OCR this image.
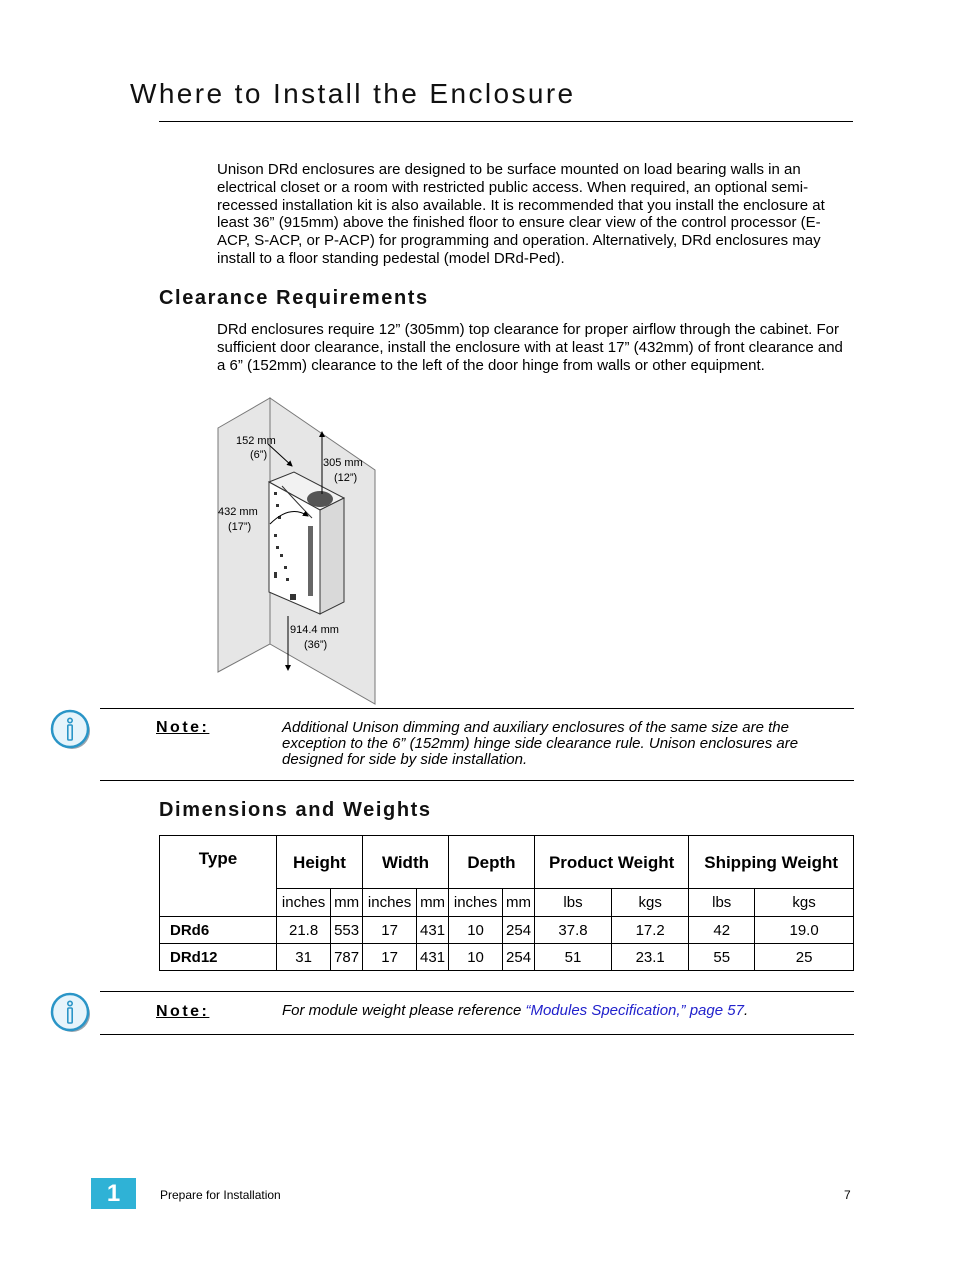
Where to Install the Enclosure
Unison DRd enclosures are designed to be surface mounted on load bearing walls in an electrical closet or a room with restricted public access. When required, an optional semi-recessed installation kit is also available. It is recommended that you install the enclosure at least 36” (915mm) above the finished floor to ensure clear view of the control processor (E-ACP, S-ACP, or P-ACP) for programming and operation. Alternatively, DRd enclosures may install to a floor standing pedestal (model DRd-Ped).
Clearance Requirements
DRd enclosures require 12” (305mm) top clearance for proper airflow through the cabinet. For sufficient door clearance, install the enclosure with at least 17” (432mm) of front clearance and a 6” (152mm) clearance to the left of the door hinge from walls or other equipment.
152 mm
(6”)
305 mm
(12”)
432 mm
(17”)
914.4 mm
(36”)
Note:	Additional Unison dimming and auxiliary enclosures of the same size are the exception to the 6” (152mm) hinge side clearance rule. Unison enclosures are designed for side by side installation.
Dimensions and Weights
Type	Height		Width		Depth		Product Weight		Shipping Weight	
	inches	mm	inches	mm	inches	mm	lbs	kgs	lbs	kgs
DRd6	21.8	553	17	431	10	254	37.8	17.2	42	19.0
DRd12	31	787	17	431	10	254	51	23.1	55	25
Note:	For module weight please reference “Modules Specification,” page 57.
1	Prepare for Installation	7
